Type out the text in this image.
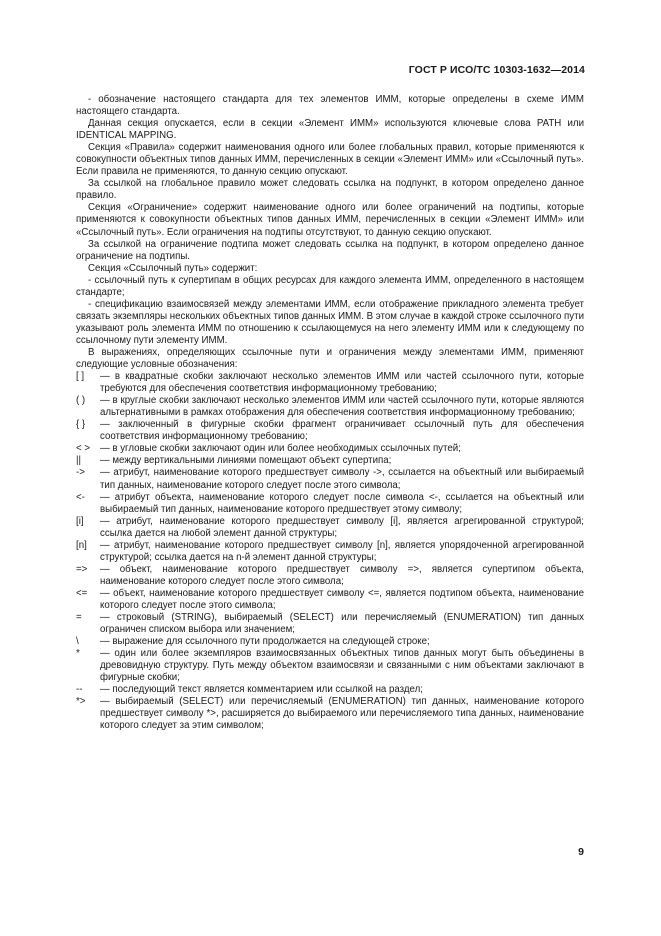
ГОСТ Р ИСО/ТС 10303-1632—2014

- обозначение настоящего стандарта для тех элементов ИММ, которые определены в схеме ИММ настоящего стандарта.

Данная секция опускается, если в секции «Элемент ИММ» используются ключевые слова PATH или IDENTICAL MAPPING.

Секция «Правила» содержит наименования одного или более глобальных правил, которые применяются к совокупности объектных типов данных ИММ, перечисленных в секции «Элемент ИММ» или «Ссылочный путь». Если правила не применяются, то данную секцию опускают.

За ссылкой на глобальное правило может следовать ссылка на подпункт, в котором определено данное правило.

Секция «Ограничение» содержит наименование одного или более ограничений на подтипы, которые применяются к совокупности объектных типов данных ИММ, перечисленных в секции «Элемент ИММ» или «Ссылочный путь». Если ограничения на подтипы отсутствуют, то данную секцию опускают.

За ссылкой на ограничение подтипа может следовать ссылка на подпункт, в котором определено данное ограничение на подтипы.

Секция «Ссылочный путь» содержит:

- ссылочный путь к супертипам в общих ресурсах для каждого элемента ИММ, определенного в настоящем стандарте;

- спецификацию взаимосвязей между элементами ИММ, если отображение прикладного элемента требует связать экземпляры нескольких объектных типов данных ИММ. В этом случае в каждой строке ссылочного пути указывают роль элемента ИММ по отношению к ссылающемуся на него элементу ИММ или к следующему по ссылочному пути элементу ИММ.

В выражениях, определяющих ссылочные пути и ограничения между элементами ИММ, применяют следующие условные обозначения:

[ ]	— в квадратные скобки заключают несколько элементов ИММ или частей ссылочного пути, которые требуются для обеспечения соответствия информационному требованию;

( )	— в круглые скобки заключают несколько элементов ИММ или частей ссылочного пути, которые являются альтернативными в рамках отображения для обеспечения соответствия информационному требованию;

{ }	— заключенный в фигурные скобки фрагмент ограничивает ссылочный путь для обеспечения соответствия информационному требованию;

< >	— в угловые скобки заключают один или более необходимых ссылочных путей;

||	— между вертикальными линиями помещают объект супертипа;

->	— атрибут, наименование которого предшествует символу ->, ссылается на объектный или выбираемый тип данных, наименование которого следует после этого символа;

<-	— атрибут объекта, наименование которого следует после символа <-, ссылается на объектный или выбираемый тип данных, наименование которого предшествует этому символу;

[i]	— атрибут, наименование которого предшествует символу [i], является агрегированной структурой; ссылка дается на любой элемент данной структуры;

[n]	— атрибут, наименование которого предшествует символу [n], является упорядоченной агрегированной структурой; ссылка дается на n-й элемент данной структуры;

=>	— объект, наименование которого предшествует символу =>, является супертипом объекта, наименование которого следует после этого символа;

<=	— объект, наименование которого предшествует символу <=, является подтипом объекта, наименование которого следует после этого символа;

=	— строковый (STRING), выбираемый (SELECT) или перечисляемый (ENUMERATION) тип данных ограничен списком выбора или значением;

\	— выражение для ссылочного пути продолжается на следующей строке;

*	— один или более экземпляров взаимосвязанных объектных типов данных могут быть объединены в древовидную структуру. Путь между объектом взаимосвязи и связанными с ним объектами заключают в фигурные скобки;

--	— последующий текст является комментарием или ссылкой на раздел;

*>	— выбираемый (SELECT) или перечисляемый (ENUMERATION) тип данных, наименование которого предшествует символу *>, расширяется до выбираемого или перечисляемого типа данных, наименование которого следует за этим символом;

9
